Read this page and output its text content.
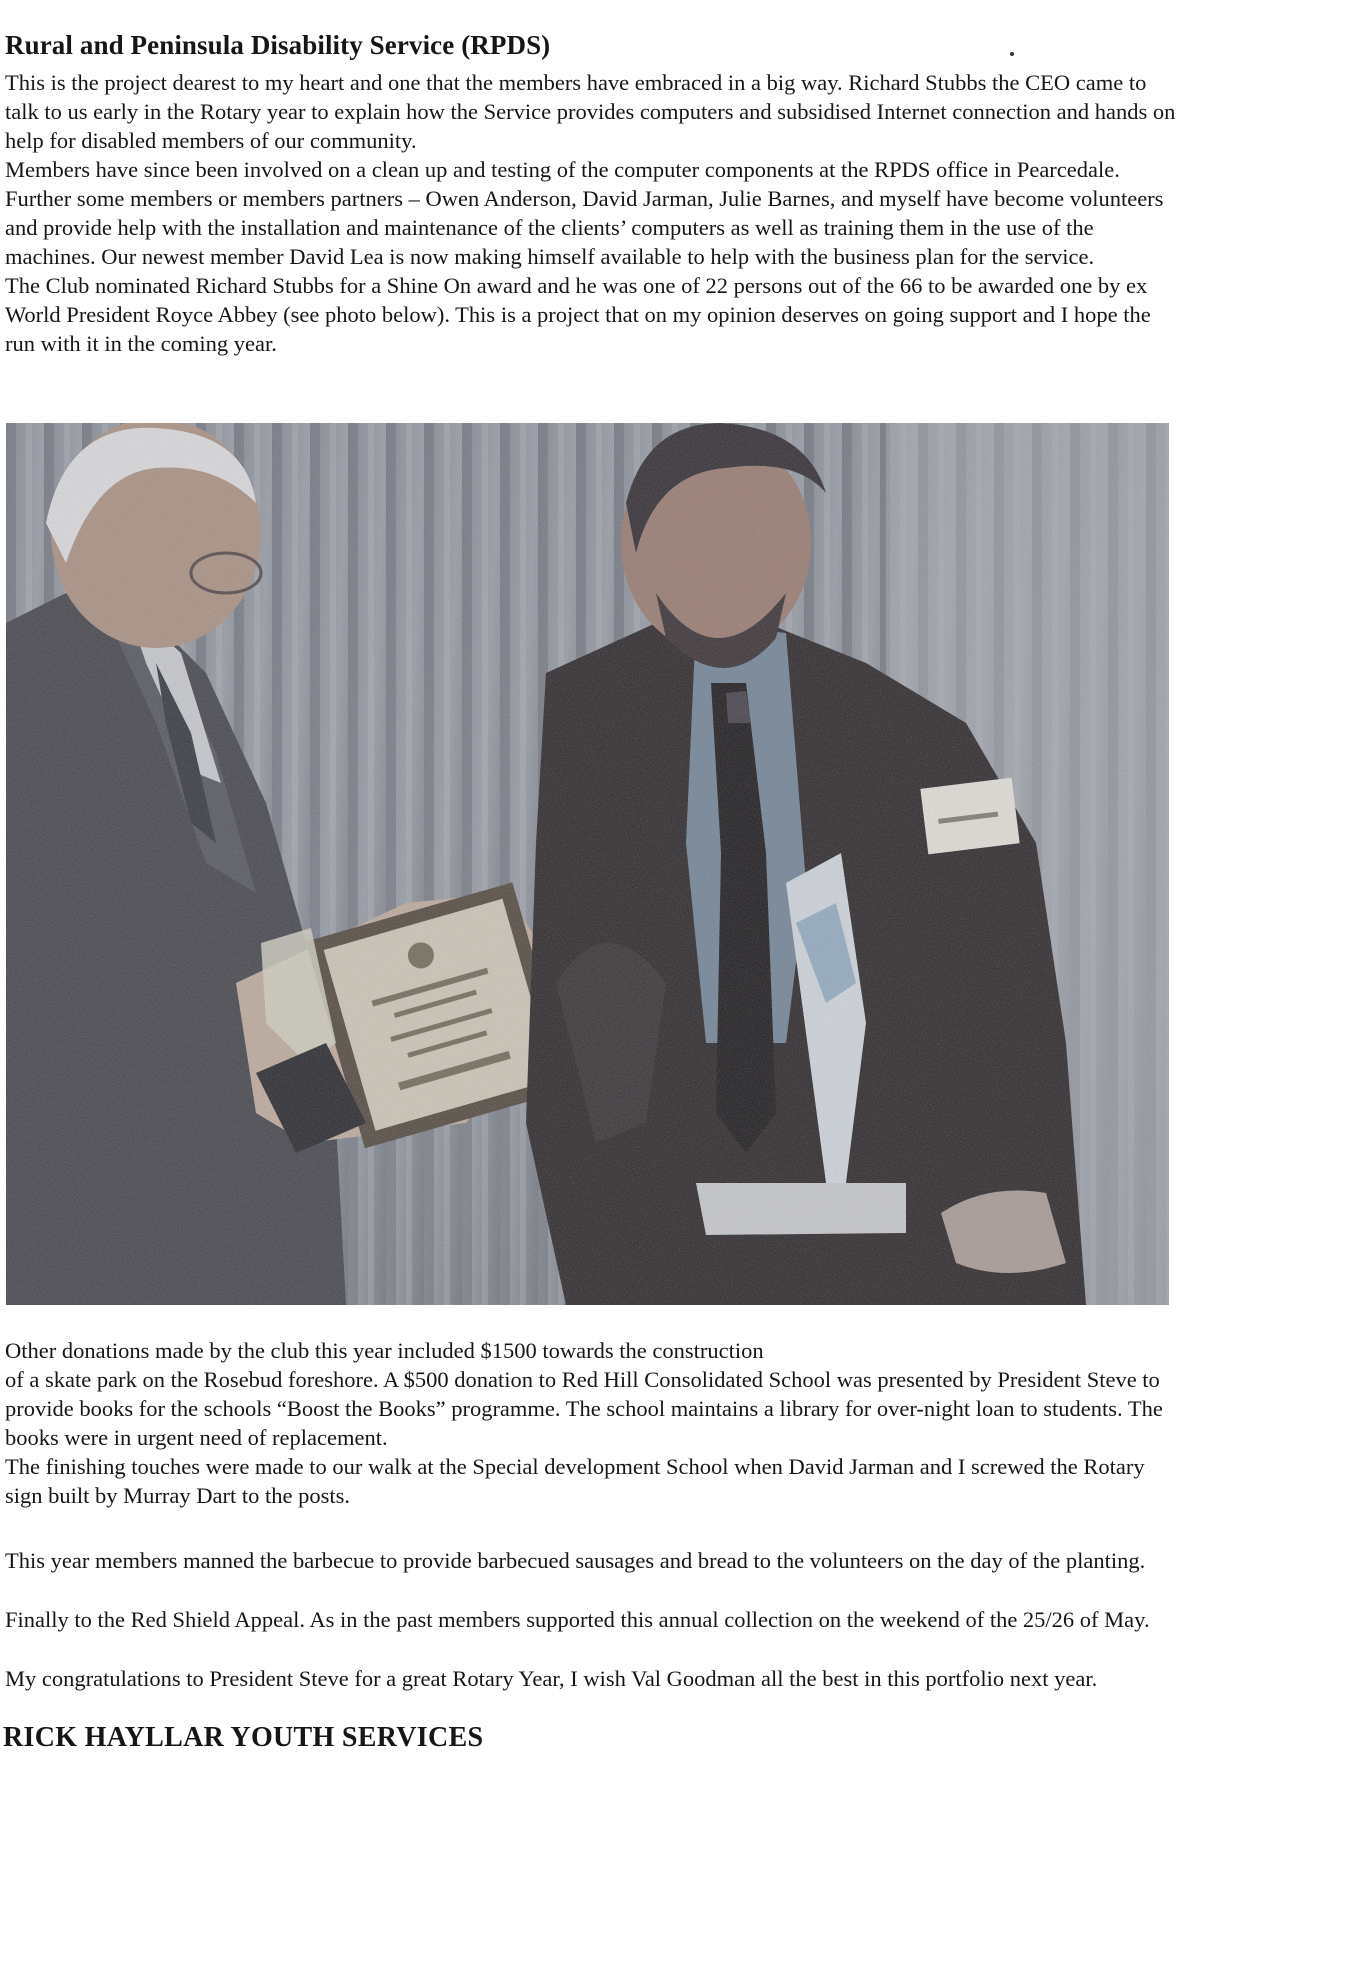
Rural and Peninsula Disability Service (RPDS)

This is the project dearest to my heart and one that the members have embraced in a big way. Richard Stubbs the CEO came to
talk to us early in the Rotary year to explain how the Service provides computers and subsidised Internet connection and hands on
help for disabled members of our community.
Members have since been involved on a clean up and testing of the computer components at the RPDS office in Pearcedale.
Further some members or members partners – Owen Anderson, David Jarman, Julie Barnes, and myself have become volunteers
and provide help with the installation and maintenance of the clients’ computers as well as training them in the use of the
machines. Our newest member David Lea is now making himself available to help with the business plan for the service.
The Club nominated Richard Stubbs for a Shine On award and he was one of 22 persons out of the 66 to be awarded one by ex
World President Royce Abbey (see photo below). This is a project that on my opinion deserves on going support and I hope the
run with it in the coming year.

Other donations made by the club this year included $1500 towards the construction
of a skate park on the Rosebud foreshore. A $500 donation to Red Hill Consolidated School was presented by President Steve to
provide books for the schools “Boost the Books” programme. The school maintains a library for over-night loan to students. The
books were in urgent need of replacement.

The finishing touches were made to our walk at the Special development School when David Jarman and I screwed the Rotary
sign built by Murray Dart to the posts.

This year members manned the barbecue to provide barbecued sausages and bread to the volunteers on the day of the planting.

Finally to the Red Shield Appeal. As in the past members supported this annual collection on the weekend of the 25/26 of May.

My congratulations to President Steve for a great Rotary Year, I wish Val Goodman all the best in this portfolio next year.

RICK HAYLLAR YOUTH SERVICES
